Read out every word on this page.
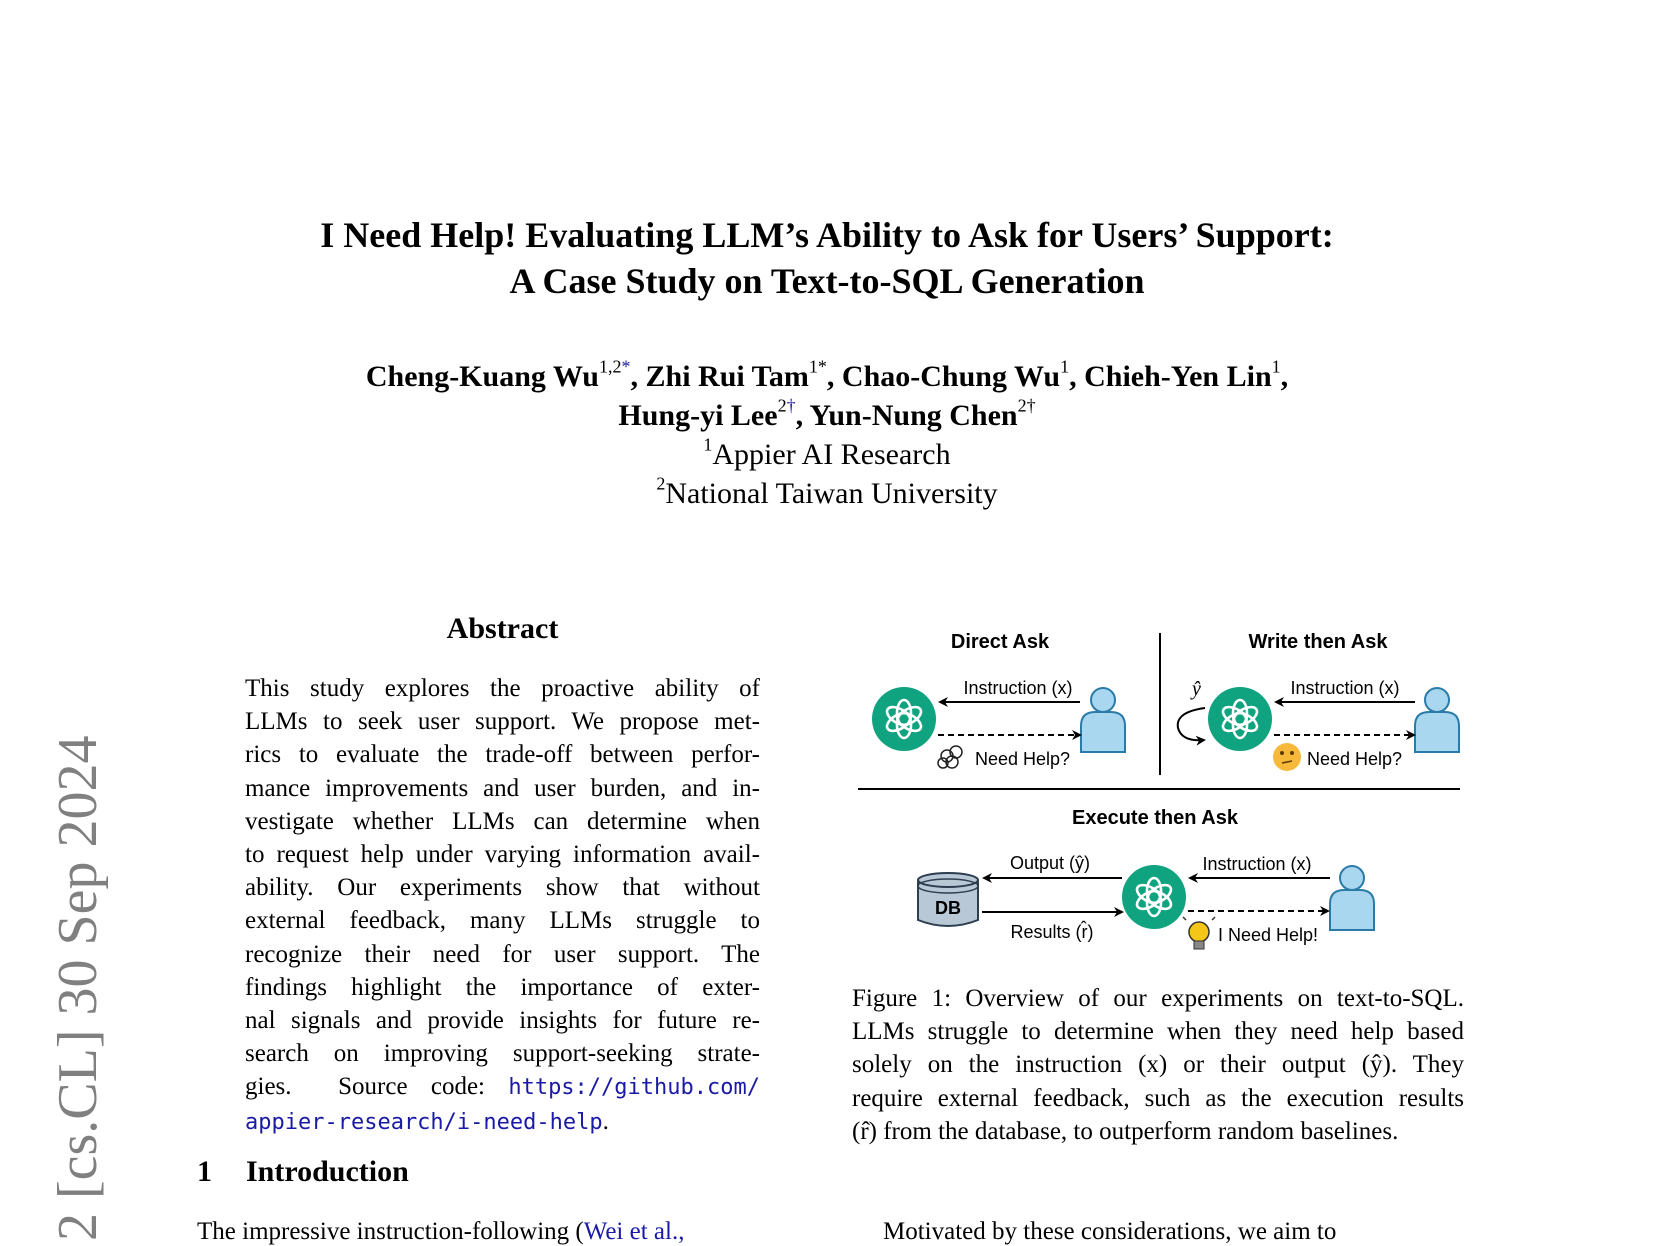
I Need Help! Evaluating LLM’s Ability to Ask for Users’ Support:
A Case Study on Text-to-SQL Generation
Cheng-Kuang $Wu^{1,2*}$, Zhi Rui Tam$^{1*}$, Chao-Chung Wu$^1$, Chieh-Yen Lin$^1$,
Hung-yi Lee$^{2\dagger}$, Yun-Nung Chen$^{2\dagger}$
$^1$Appier AI Research
$^2$National Taiwan University
2 [cs.CL] 30 Sep 2024
Abstract
This study explores the proactive ability of
LLMs to seek user support. We propose met-
rics to evaluate the trade-off between perfor-
mance improvements and user burden, and in-
vestigate whether LLMs can determine when
to request help under varying information avail-
ability. Our experiments show that without
external feedback, many LLMs struggle to
recognize their need for user support. The
findings highlight the importance of exter-
nal signals and provide insights for future re-
search on improving support-seeking strate-
gies.  Source code: https://github.com/
appier-research/i-need-help.
Direct Ask
Instruction (x)
Need Help?
Write then Ask
ŷ	Instruction (x)
Need Help?
Execute then Ask
DB
Output (ŷ)
Results (r̂)
Instruction (x)
I Need Help!
Figure 1: Overview of our experiments on text-to-SQL.
LLMs struggle to determine when they need help based
solely on the instruction (x) or their output (ŷ). They
require external feedback, such as the execution results
(r̂) from the database, to outperform random baselines.
1 Introduction
The impressive instruction-following (Wei et al.,	Motivated by these considerations, we aim to
